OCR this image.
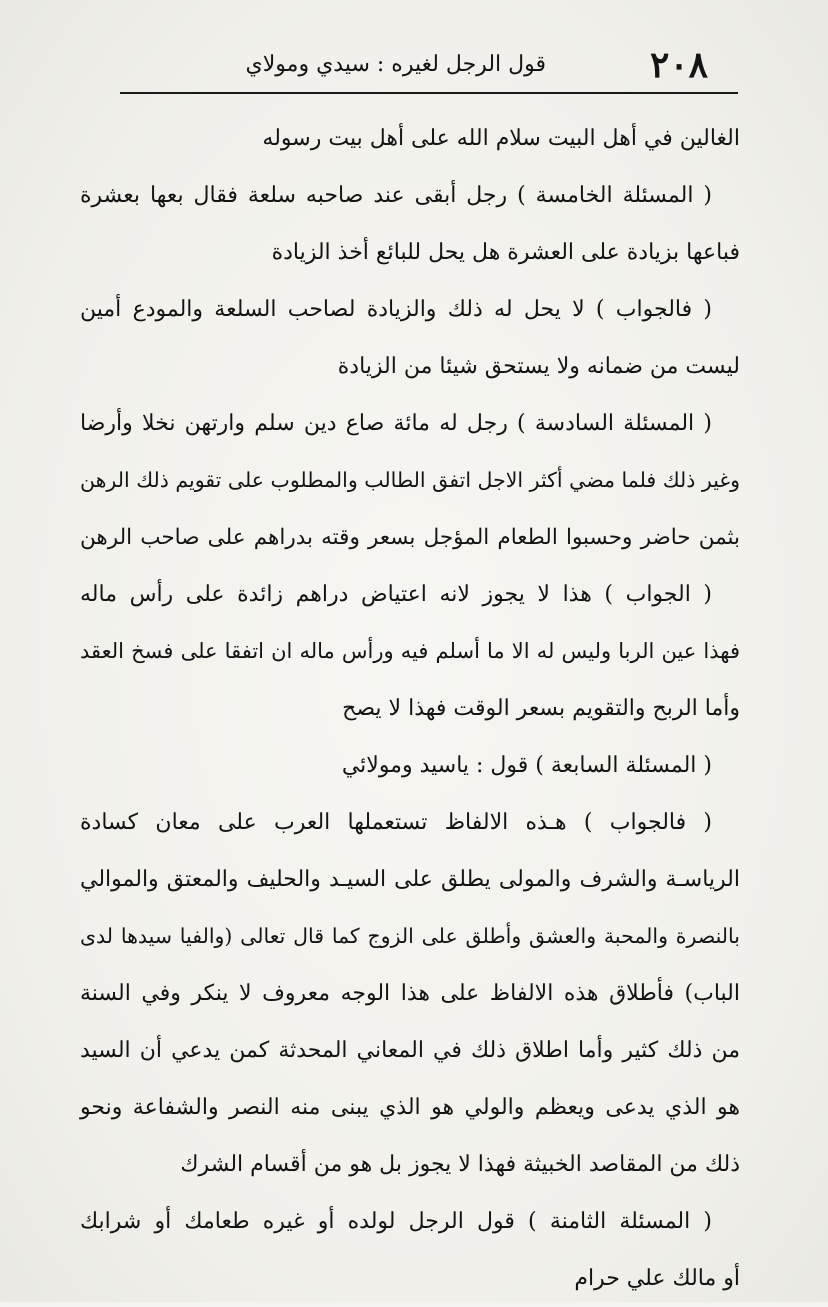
٢٠٨
قول الرجل لغيره : سيدي ومولاي
الغالين في أهل البيت سلام الله على أهل بيت رسوله
( المسئلة الخامسة ) رجل أبقى عند صاحبه سلعة فقال بعها بعشرة
فباعها بزيادة على العشرة هل يحل للبائع أخذ الزيادة
( فالجواب ) لا يحل له ذلك والزيادة لصاحب السلعة والمودع أمين
ليست من ضمانه ولا يستحق شيئا من الزيادة
( المسئلة السادسة ) رجل له مائة صاع دين سلم وارتهن نخلا وأرضا
وغير ذلك فلما مضي أكثر الاجل اتفق الطالب والمطلوب على تقويم ذلك الرهن
بثمن حاضر وحسبوا الطعام المؤجل بسعر وقته بدراهم على صاحب الرهن
( الجواب ) هذا لا يجوز لانه اعتياض دراهم زائدة على رأس ماله
فهذا عين الربا وليس له الا ما أسلم فيه ورأس ماله ان اتفقا على فسخ العقد
وأما الربح والتقويم بسعر الوقت فهذا لا يصح
( المسئلة السابعة ) قول : ياسيد ومولائي
( فالجواب ) هـذه الالفاظ تستعملها العرب على معان كسادة
الرياسـة والشرف والمولى يطلق على السيـد والحليف والمعتق والموالي
بالنصرة والمحبة والعشق وأطلق على الزوج كما قال تعالى (والفيا سيدها لدى
الباب) فأطلاق هذه الالفاظ على هذا الوجه معروف لا ينكر وفي السنة
من ذلك كثير وأما اطلاق ذلك في المعاني المحدثة كمن يدعي أن السيد
هو الذي يدعى ويعظم والولي هو الذي يبنى منه النصر والشفاعة ونحو
ذلك من المقاصد الخبيثة فهذا لا يجوز بل هو من أقسام الشرك
( المسئلة الثامنة ) قول الرجل لولده أو غيره طعامك أو شرابك
أو مالك علي حرام
